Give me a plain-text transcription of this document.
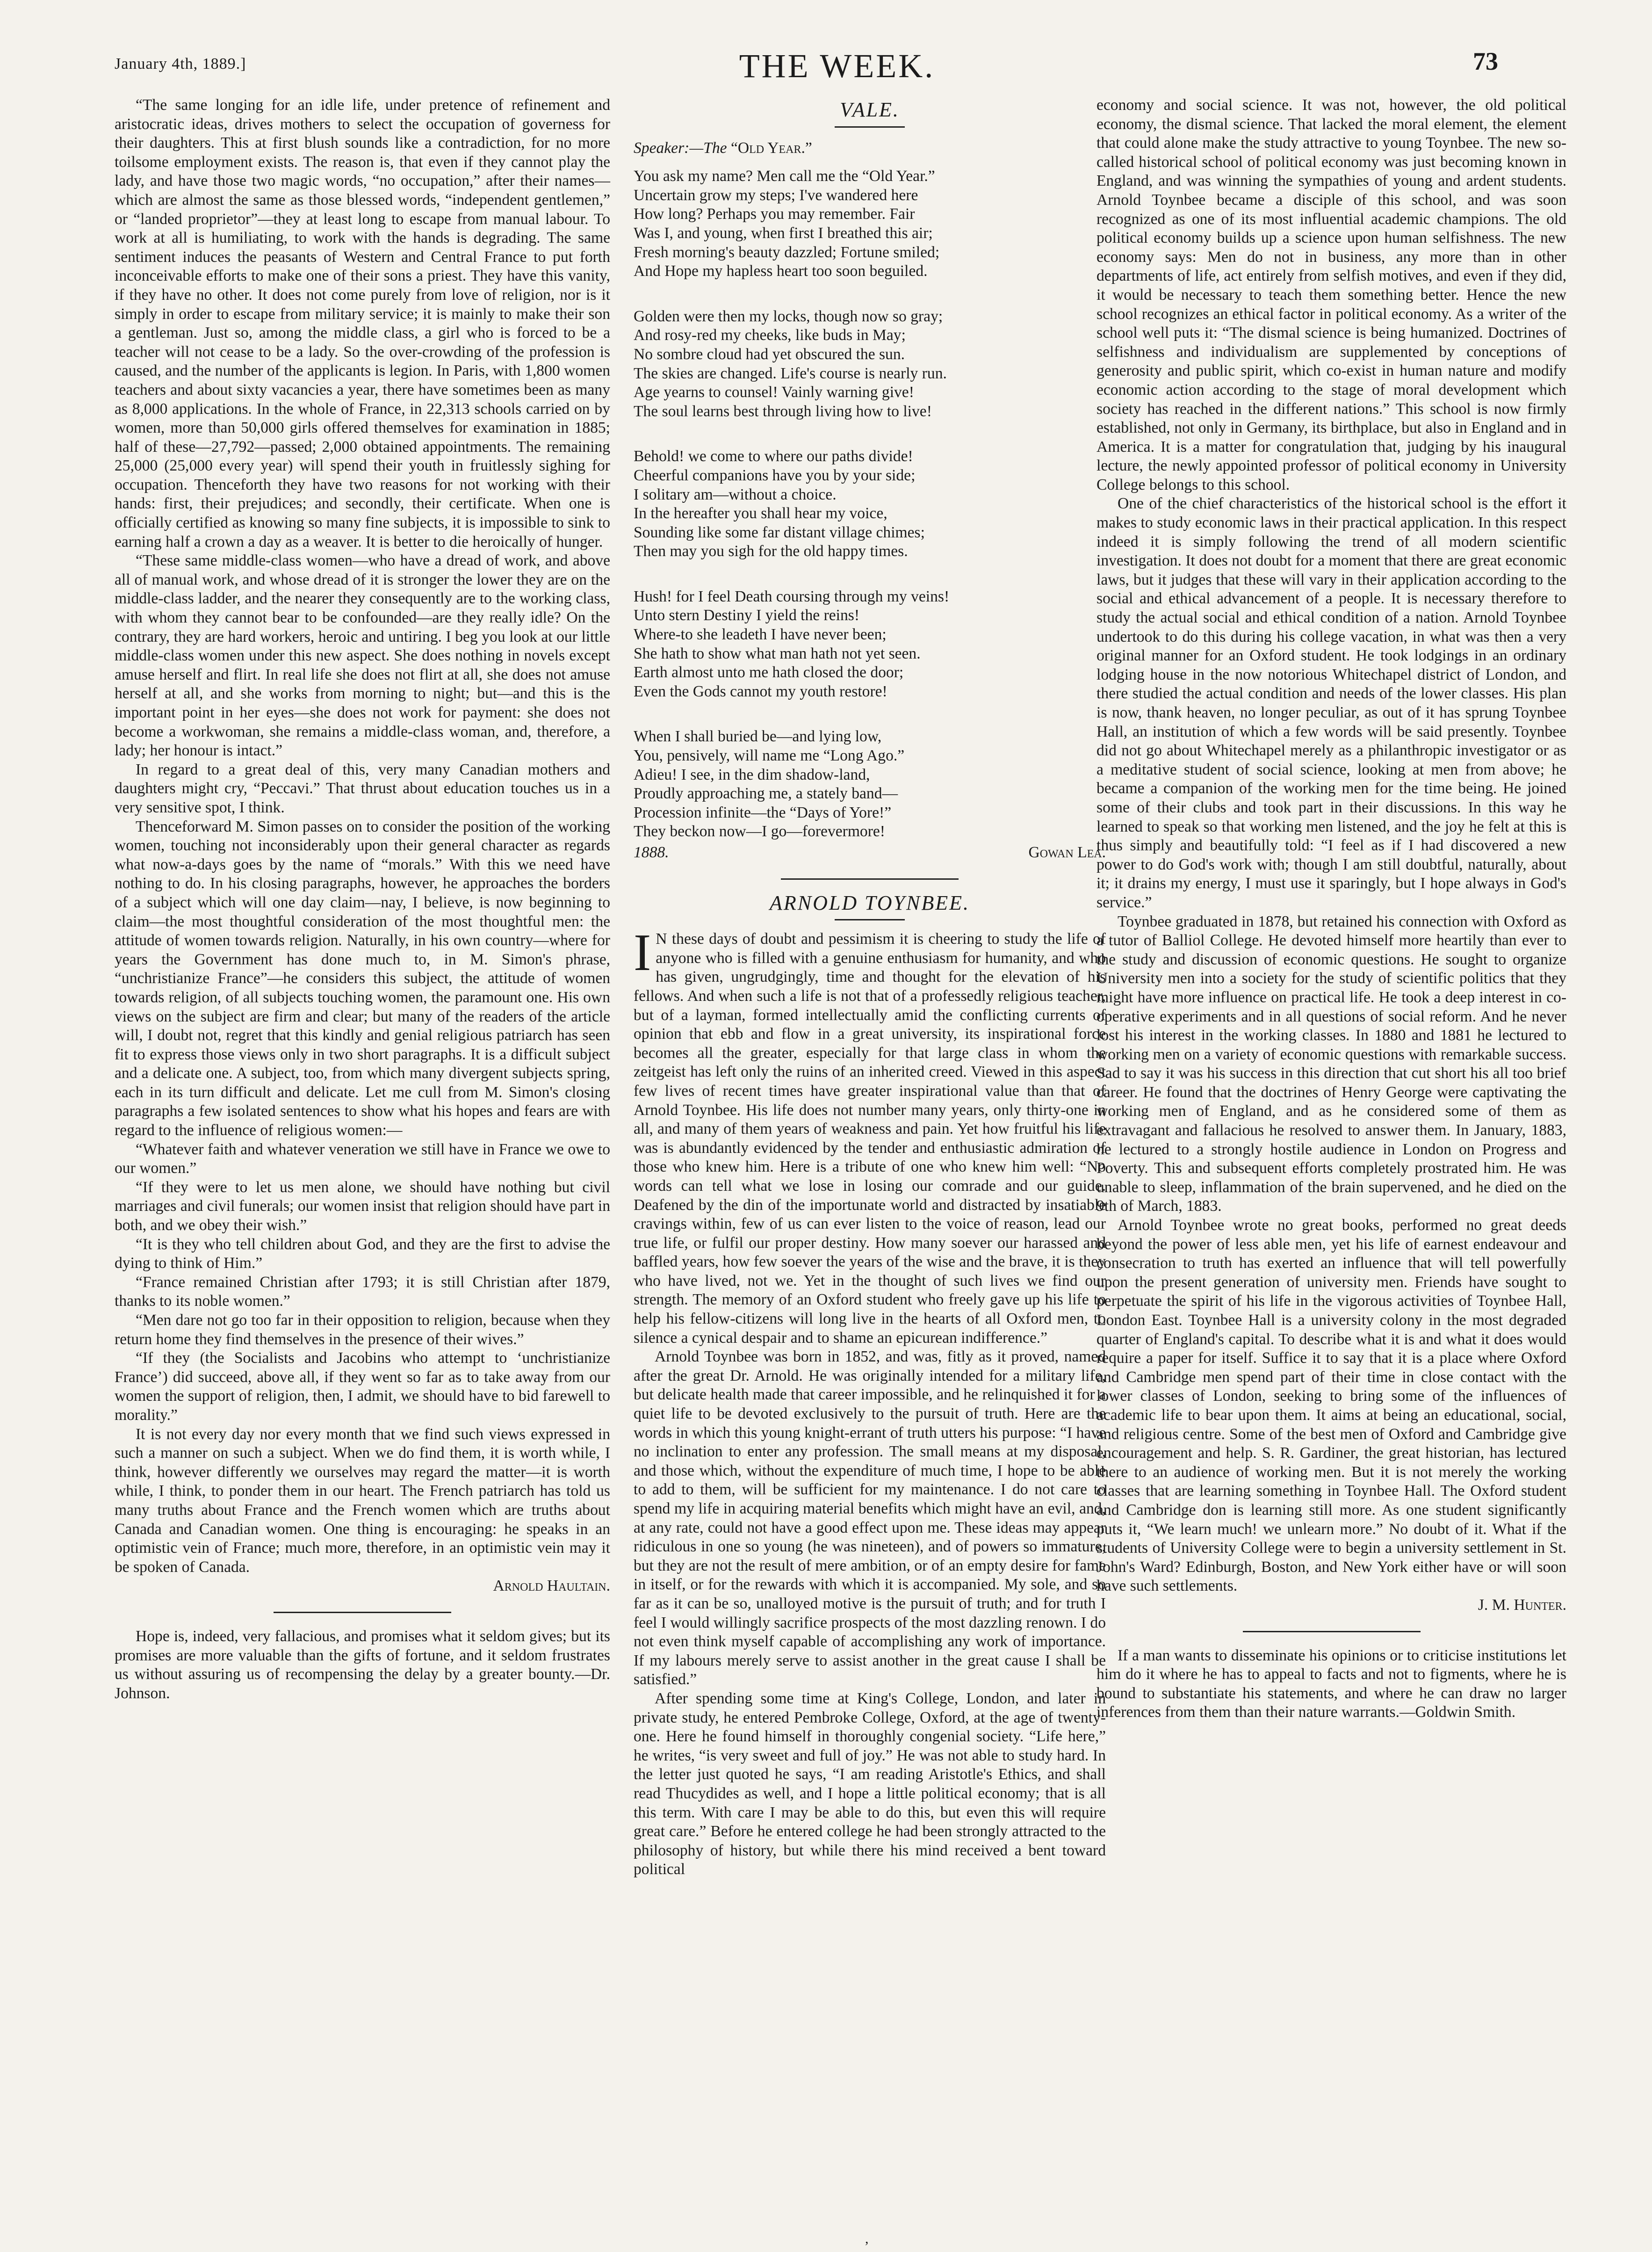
January 4th, 1889.]	THE WEEK.	73

“The same longing for an idle life, under pretence of refinement and aristocratic ideas, drives mothers to select the occupation of governess for their daughters. This at first blush sounds like a contradiction, for no more toilsome employment exists. The reason is, that even if they cannot play the lady, and have those two magic words, “no occupation,” after their names—which are almost the same as those blessed words, “independent gentlemen,” or “landed proprietor”—they at least long to escape from manual labour. To work at all is humiliating, to work with the hands is degrading. The same sentiment induces the peasants of Western and Central France to put forth inconceivable efforts to make one of their sons a priest. They have this vanity, if they have no other. It does not come purely from love of religion, nor is it simply in order to escape from military service; it is mainly to make their son a gentleman. Just so, among the middle class, a girl who is forced to be a teacher will not cease to be a lady. So the over-crowding of the profession is caused, and the number of the applicants is legion. In Paris, with 1,800 women teachers and about sixty vacancies a year, there have sometimes been as many as 8,000 applications. In the whole of France, in 22,313 schools carried on by women, more than 50,000 girls offered themselves for examination in 1885; half of these—27,792—passed; 2,000 obtained appointments. The remaining 25,000 (25,000 every year) will spend their youth in fruitlessly sighing for occupation. Thenceforth they have two reasons for not working with their hands: first, their prejudices; and secondly, their certificate. When one is officially certified as knowing so many fine subjects, it is impossible to sink to earning half a crown a day as a weaver. It is better to die heroically of hunger.

“These same middle-class women—who have a dread of work, and above all of manual work, and whose dread of it is stronger the lower they are on the middle-class ladder, and the nearer they consequently are to the working class, with whom they cannot bear to be confounded—are they really idle? On the contrary, they are hard workers, heroic and untiring. I beg you look at our little middle-class women under this new aspect. She does nothing in novels except amuse herself and flirt. In real life she does not flirt at all, she does not amuse herself at all, and she works from morning to night; but—and this is the important point in her eyes—she does not work for payment: she does not become a workwoman, she remains a middle-class woman, and, therefore, a lady; her honour is intact.”

In regard to a great deal of this, very many Canadian mothers and daughters might cry, “Peccavi.” That thrust about education touches us in a very sensitive spot, I think.

Thenceforward M. Simon passes on to consider the position of the working women, touching not inconsiderably upon their general character as regards what now-a-days goes by the name of “morals.” With this we need have nothing to do. In his closing paragraphs, however, he approaches the borders of a subject which will one day claim—nay, I believe, is now beginning to claim—the most thoughtful consideration of the most thoughtful men: the attitude of women towards religion. Naturally, in his own country—where for years the Government has done much to, in M. Simon's phrase, “unchristianize France”—he considers this subject, the attitude of women towards religion, of all subjects touching women, the paramount one. His own views on the subject are firm and clear; but many of the readers of the article will, I doubt not, regret that this kindly and genial religious patriarch has seen fit to express those views only in two short paragraphs. It is a difficult subject and a delicate one. A subject, too, from which many divergent subjects spring, each in its turn difficult and delicate. Let me cull from M. Simon's closing paragraphs a few isolated sentences to show what his hopes and fears are with regard to the influence of religious women:—

“Whatever faith and whatever veneration we still have in France we owe to our women.”

“If they were to let us men alone, we should have nothing but civil marriages and civil funerals; our women insist that religion should have part in both, and we obey their wish.”

“It is they who tell children about God, and they are the first to advise the dying to think of Him.”

“France remained Christian after 1793; it is still Christian after 1879, thanks to its noble women.”

“Men dare not go too far in their opposition to religion, because when they return home they find themselves in the presence of their wives.”

“If they (the Socialists and Jacobins who attempt to ‘unchristianize France’) did succeed, above all, if they went so far as to take away from our women the support of religion, then, I admit, we should have to bid farewell to morality.”

It is not every day nor every month that we find such views expressed in such a manner on such a subject. When we do find them, it is worth while, I think, however differently we ourselves may regard the matter—it is worth while, I think, to ponder them in our heart. The French patriarch has told us many truths about France and the French women which are truths about Canada and Canadian women. One thing is encouraging: he speaks in an optimistic vein of France; much more, therefore, in an optimistic vein may it be spoken of Canada.

Arnold Haultain.

Hope is, indeed, very fallacious, and promises what it seldom gives; but its promises are more valuable than the gifts of fortune, and it seldom frustrates us without assuring us of recompensing the delay by a greater bounty.—Dr. Johnson.

VALE.
Speaker:—The “Old Year.”
You ask my name? Men call me the “Old Year.”
Uncertain grow my steps; I've wandered here
How long? Perhaps you may remember. Fair
Was I, and young, when first I breathed this air;
Fresh morning's beauty dazzled; Fortune smiled;
And Hope my hapless heart too soon beguiled.
Golden were then my locks, though now so gray;
And rosy-red my cheeks, like buds in May;
No sombre cloud had yet obscured the sun.
The skies are changed. Life's course is nearly run.
Age yearns to counsel! Vainly warning give!
The soul learns best through living how to live!
Behold! we come to where our paths divide!
Cheerful companions have you by your side;
I solitary am—without a choice.
In the hereafter you shall hear my voice,
Sounding like some far distant village chimes;
Then may you sigh for the old happy times.
Hush! for I feel Death coursing through my veins!
Unto stern Destiny I yield the reins!
Where-to she leadeth I have never been;
She hath to show what man hath not yet seen.
Earth almost unto me hath closed the door;
Even the Gods cannot my youth restore!
When I shall buried be—and lying low,
You, pensively, will name me “Long Ago.”
Adieu! I see, in the dim shadow-land,
Proudly approaching me, a stately band—
Procession infinite—the “Days of Yore!”
They beckon now—I go—forevermore!
1888.	Gowan Lea.
ARNOLD TOYNBEE.

I N these days of doubt and pessimism it is cheering to study the life of anyone who is filled with a genuine enthusiasm for humanity, and who has given, ungrudgingly, time and thought for the elevation of his fellows. And when such a life is not that of a professedly religious teacher, but of a layman, formed intellectually amid the conflicting currents of opinion that ebb and flow in a great university, its inspirational force becomes all the greater, especially for that large class in whom the zeitgeist has left only the ruins of an inherited creed. Viewed in this aspect few lives of recent times have greater inspirational value than that of Arnold Toynbee. His life does not number many years, only thirty-one in all, and many of them years of weakness and pain. Yet how fruitful his life was is abundantly evidenced by the tender and enthusiastic admiration of those who knew him. Here is a tribute of one who knew him well: “No words can tell what we lose in losing our comrade and our guide. Deafened by the din of the importunate world and distracted by insatiable cravings within, few of us can ever listen to the voice of reason, lead our true life, or fulfil our proper destiny. How many soever our harassed and baffled years, how few soever the years of the wise and the brave, it is they who have lived, not we. Yet in the thought of such lives we find our strength. The memory of an Oxford student who freely gave up his life to help his fellow-citizens will long live in the hearts of all Oxford men, to silence a cynical despair and to shame an epicurean indifference.”

Arnold Toynbee was born in 1852, and was, fitly as it proved, named after the great Dr. Arnold. He was originally intended for a military life, but delicate health made that career impossible, and he relinquished it for a quiet life to be devoted exclusively to the pursuit of truth. Here are the words in which this young knight-errant of truth utters his purpose: “I have no inclination to enter any profession. The small means at my disposal, and those which, without the expenditure of much time, I hope to be able to add to them, will be sufficient for my maintenance. I do not care to spend my life in acquiring material benefits which might have an evil, and, at any rate, could not have a good effect upon me. These ideas may appear ridiculous in one so young (he was nineteen), and of powers so immature, but they are not the result of mere ambition, or of an empty desire for fame in itself, or for the rewards with which it is accompanied. My sole, and so far as it can be so, unalloyed motive is the pursuit of truth; and for truth I feel I would willingly sacrifice prospects of the most dazzling renown. I do not even think myself capable of accomplishing any work of importance. If my labours merely serve to assist another in the great cause I shall be satisfied.”

After spending some time at King's College, London, and later in private study, he entered Pembroke College, Oxford, at the age of twenty-one. Here he found himself in thoroughly congenial society. “Life here,” he writes, “is very sweet and full of joy.” He was not able to study hard. In the letter just quoted he says, “I am reading Aristotle's Ethics, and shall read Thucydides as well, and I hope a little political economy; that is all this term. With care I may be able to do this, but even this will require great care.” Before he entered college he had been strongly attracted to the philosophy of history, but while there his mind received a bent toward political

economy and social science. It was not, however, the old political economy, the dismal science. That lacked the moral element, the element that could alone make the study attractive to young Toynbee. The new so-called historical school of political economy was just becoming known in England, and was winning the sympathies of young and ardent students. Arnold Toynbee became a disciple of this school, and was soon recognized as one of its most influential academic champions. The old political economy builds up a science upon human selfishness. The new economy says: Men do not in business, any more than in other departments of life, act entirely from selfish motives, and even if they did, it would be necessary to teach them something better. Hence the new school recognizes an ethical factor in political economy. As a writer of the school well puts it: “The dismal science is being humanized. Doctrines of selfishness and individualism are supplemented by conceptions of generosity and public spirit, which co-exist in human nature and modify economic action according to the stage of moral development which society has reached in the different nations.” This school is now firmly established, not only in Germany, its birthplace, but also in England and in America. It is a matter for congratulation that, judging by his inaugural lecture, the newly appointed professor of political economy in University College belongs to this school.

One of the chief characteristics of the historical school is the effort it makes to study economic laws in their practical application. In this respect indeed it is simply following the trend of all modern scientific investigation. It does not doubt for a moment that there are great economic laws, but it judges that these will vary in their application according to the social and ethical advancement of a people. It is necessary therefore to study the actual social and ethical condition of a nation. Arnold Toynbee undertook to do this during his college vacation, in what was then a very original manner for an Oxford student. He took lodgings in an ordinary lodging house in the now notorious Whitechapel district of London, and there studied the actual condition and needs of the lower classes. His plan is now, thank heaven, no longer peculiar, as out of it has sprung Toynbee Hall, an institution of which a few words will be said presently. Toynbee did not go about Whitechapel merely as a philanthropic investigator or as a meditative student of social science, looking at men from above; he became a companion of the working men for the time being. He joined some of their clubs and took part in their discussions. In this way he learned to speak so that working men listened, and the joy he felt at this is thus simply and beautifully told: “I feel as if I had discovered a new power to do God's work with; though I am still doubtful, naturally, about it; it drains my energy, I must use it sparingly, but I hope always in God's service.”

Toynbee graduated in 1878, but retained his connection with Oxford as a tutor of Balliol College. He devoted himself more heartily than ever to the study and discussion of economic questions. He sought to organize University men into a society for the study of scientific politics that they might have more influence on practical life. He took a deep interest in co-operative experiments and in all questions of social reform. And he never lost his interest in the working classes. In 1880 and 1881 he lectured to working men on a variety of economic questions with remarkable success. Sad to say it was his success in this direction that cut short his all too brief career. He found that the doctrines of Henry George were captivating the working men of England, and as he considered some of them as extravagant and fallacious he resolved to answer them. In January, 1883, he lectured to a strongly hostile audience in London on Progress and Poverty. This and subsequent efforts completely prostrated him. He was unable to sleep, inflammation of the brain supervened, and he died on the 9th of March, 1883.

Arnold Toynbee wrote no great books, performed no great deeds beyond the power of less able men, yet his life of earnest endeavour and consecration to truth has exerted an influence that will tell powerfully upon the present generation of university men. Friends have sought to perpetuate the spirit of his life in the vigorous activities of Toynbee Hall, London East. Toynbee Hall is a university colony in the most degraded quarter of England's capital. To describe what it is and what it does would require a paper for itself. Suffice it to say that it is a place where Oxford and Cambridge men spend part of their time in close contact with the lower classes of London, seeking to bring some of the influences of academic life to bear upon them. It aims at being an educational, social, and religious centre. Some of the best men of Oxford and Cambridge give encouragement and help. S. R. Gardiner, the great historian, has lectured there to an audience of working men. But it is not merely the working classes that are learning something in Toynbee Hall. The Oxford student and Cambridge don is learning still more. As one student significantly puts it, “We learn much! we unlearn more.” No doubt of it. What if the students of University College were to begin a university settlement in St. John's Ward? Edinburgh, Boston, and New York either have or will soon have such settlements.

J. M. Hunter.

If a man wants to disseminate his opinions or to criticise institutions let him do it where he has to appeal to facts and not to figments, where he is bound to substantiate his statements, and where he can draw no larger inferences from them than their nature warrants.—Goldwin Smith.

,
